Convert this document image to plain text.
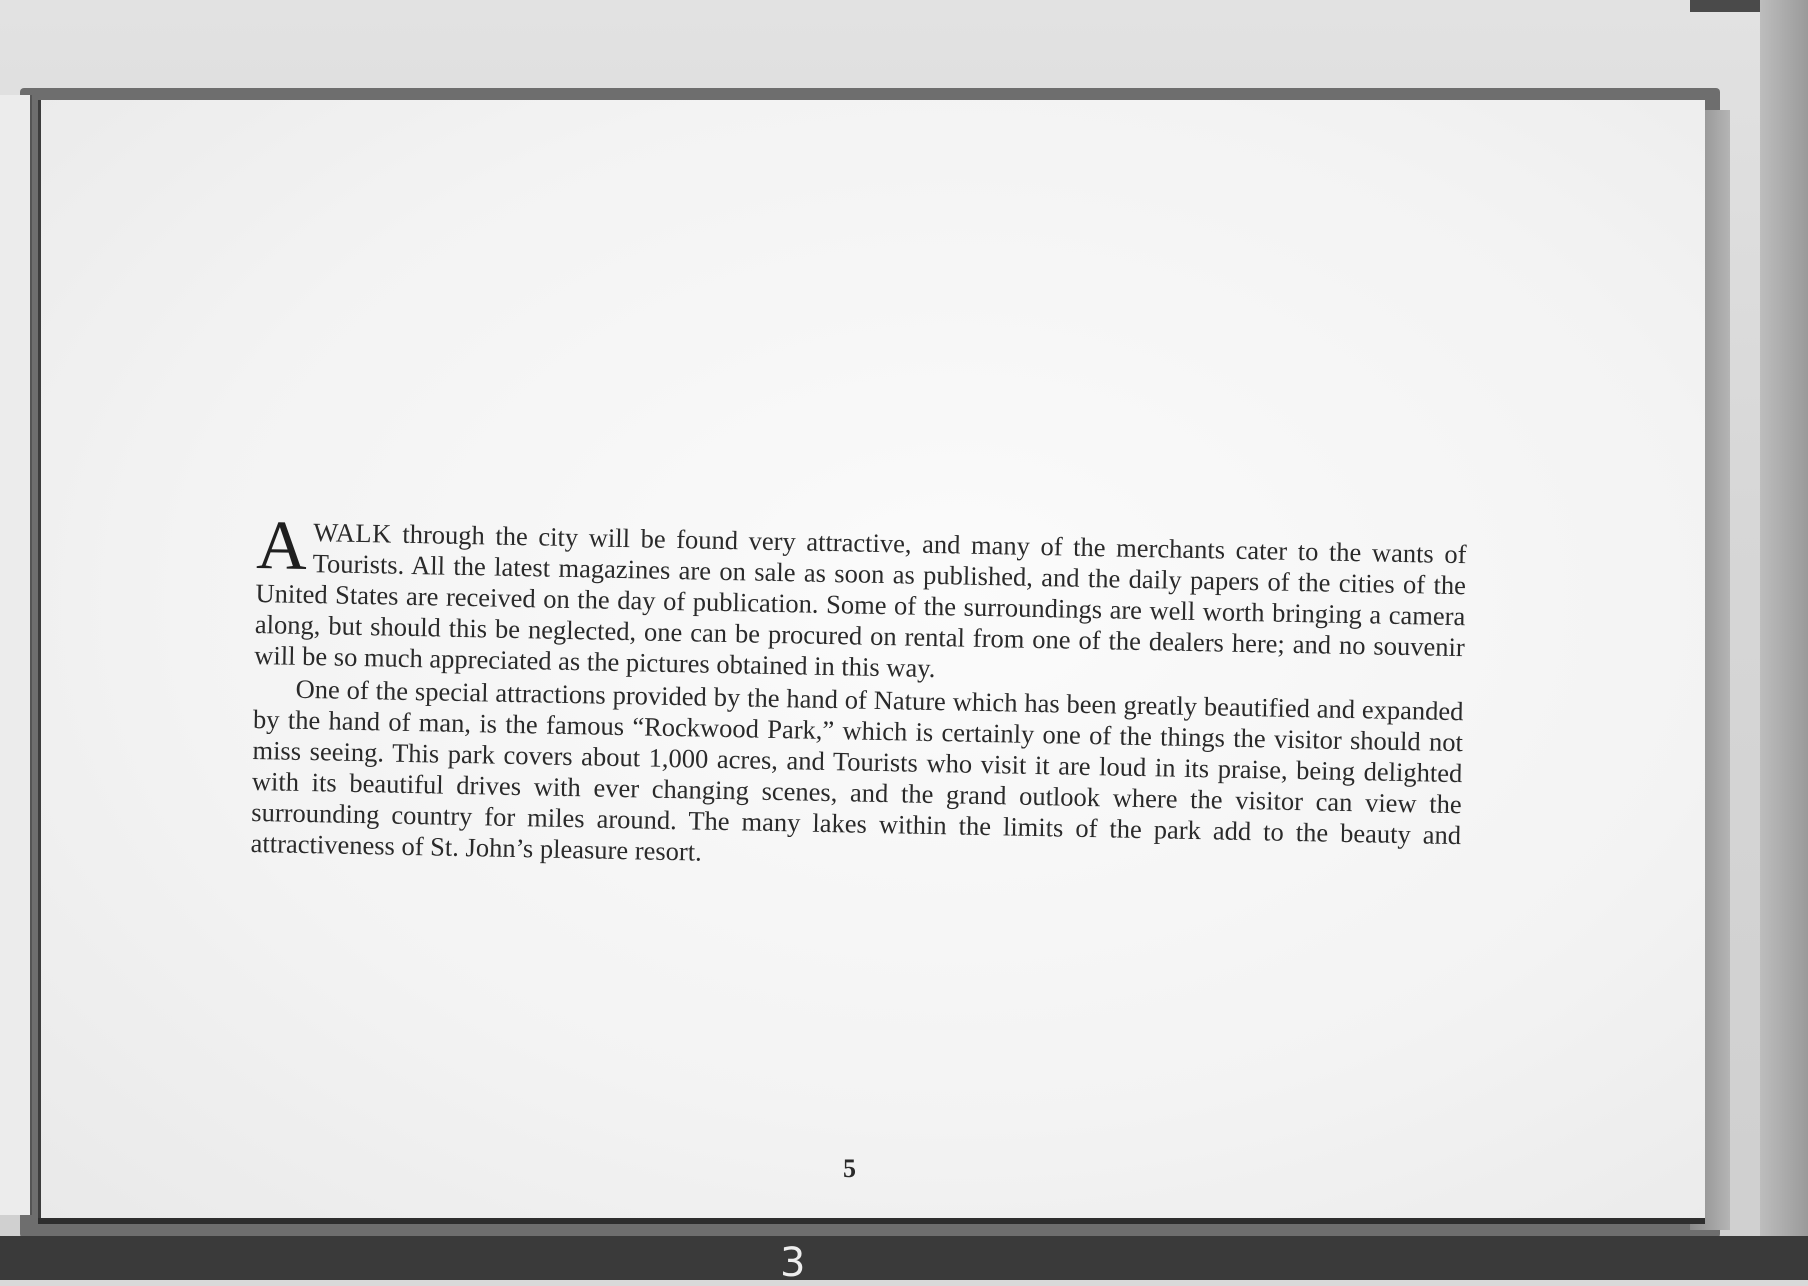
AWALK through the city will be found very attractive, and many of the merchants cater to the wants of Tourists. All the latest magazines are on sale as soon as published, and the daily papers of the cities of the United States are received on the day of publication. Some of the surroundings are well worth bringing a camera along, but should this be neglected, one can be procured on rental from one of the dealers here; and no souvenir will be so much appreciated as the pictures obtained in this way.

One of the special attractions provided by the hand of Nature which has been greatly beautified and expanded by the hand of man, is the famous “Rockwood Park,” which is certainly one of the things the visitor should not miss seeing. This park covers about 1,000 acres, and Tourists who visit it are loud in its praise, being delighted with its beautiful drives with ever changing scenes, and the grand outlook where the visitor can view the surrounding country for miles around. The many lakes within the limits of the park add to the beauty and attractiveness of St. John’s pleasure resort.

5
3
